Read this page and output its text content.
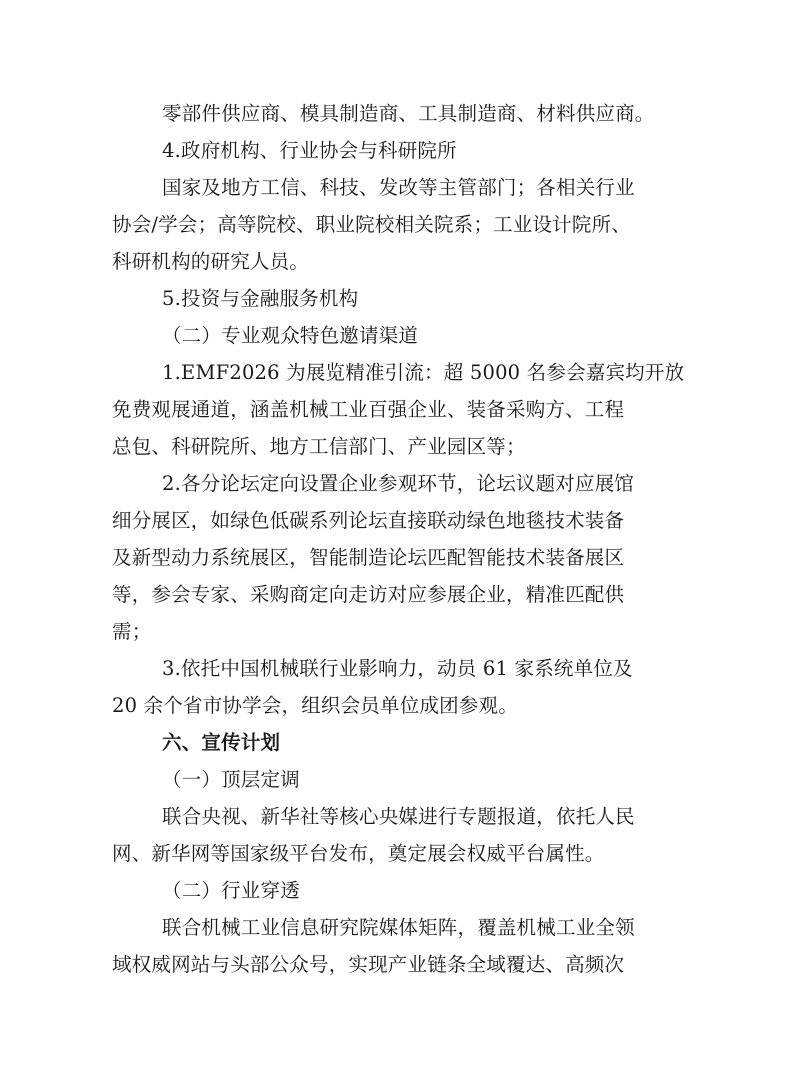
零部件供应商、模具制造商、工具制造商、材料供应商。
4.政府机构、行业协会与科研院所
国家及地方工信、科技、发改等主管部门；各相关行业
协会/学会；高等院校、职业院校相关院系；工业设计院所、
科研机构的研究人员。
5.投资与金融服务机构
（二）专业观众特色邀请渠道
1.EMF2026 为展览精准引流：超 5000 名参会嘉宾均开放
免费观展通道，涵盖机械工业百强企业、装备采购方、工程
总包、科研院所、地方工信部门、产业园区等；
2.各分论坛定向设置企业参观环节，论坛议题对应展馆
细分展区，如绿色低碳系列论坛直接联动绿色地毯技术装备
及新型动力系统展区，智能制造论坛匹配智能技术装备展区
等，参会专家、采购商定向走访对应参展企业，精准匹配供
需；
3.依托中国机械联行业影响力，动员 61 家系统单位及
20 余个省市协学会，组织会员单位成团参观。
六、宣传计划
（一）顶层定调
联合央视、新华社等核心央媒进行专题报道，依托人民
网、新华网等国家级平台发布，奠定展会权威平台属性。
（二）行业穿透
联合机械工业信息研究院媒体矩阵，覆盖机械工业全领
域权威网站与头部公众号，实现产业链条全域覆达、高频次
